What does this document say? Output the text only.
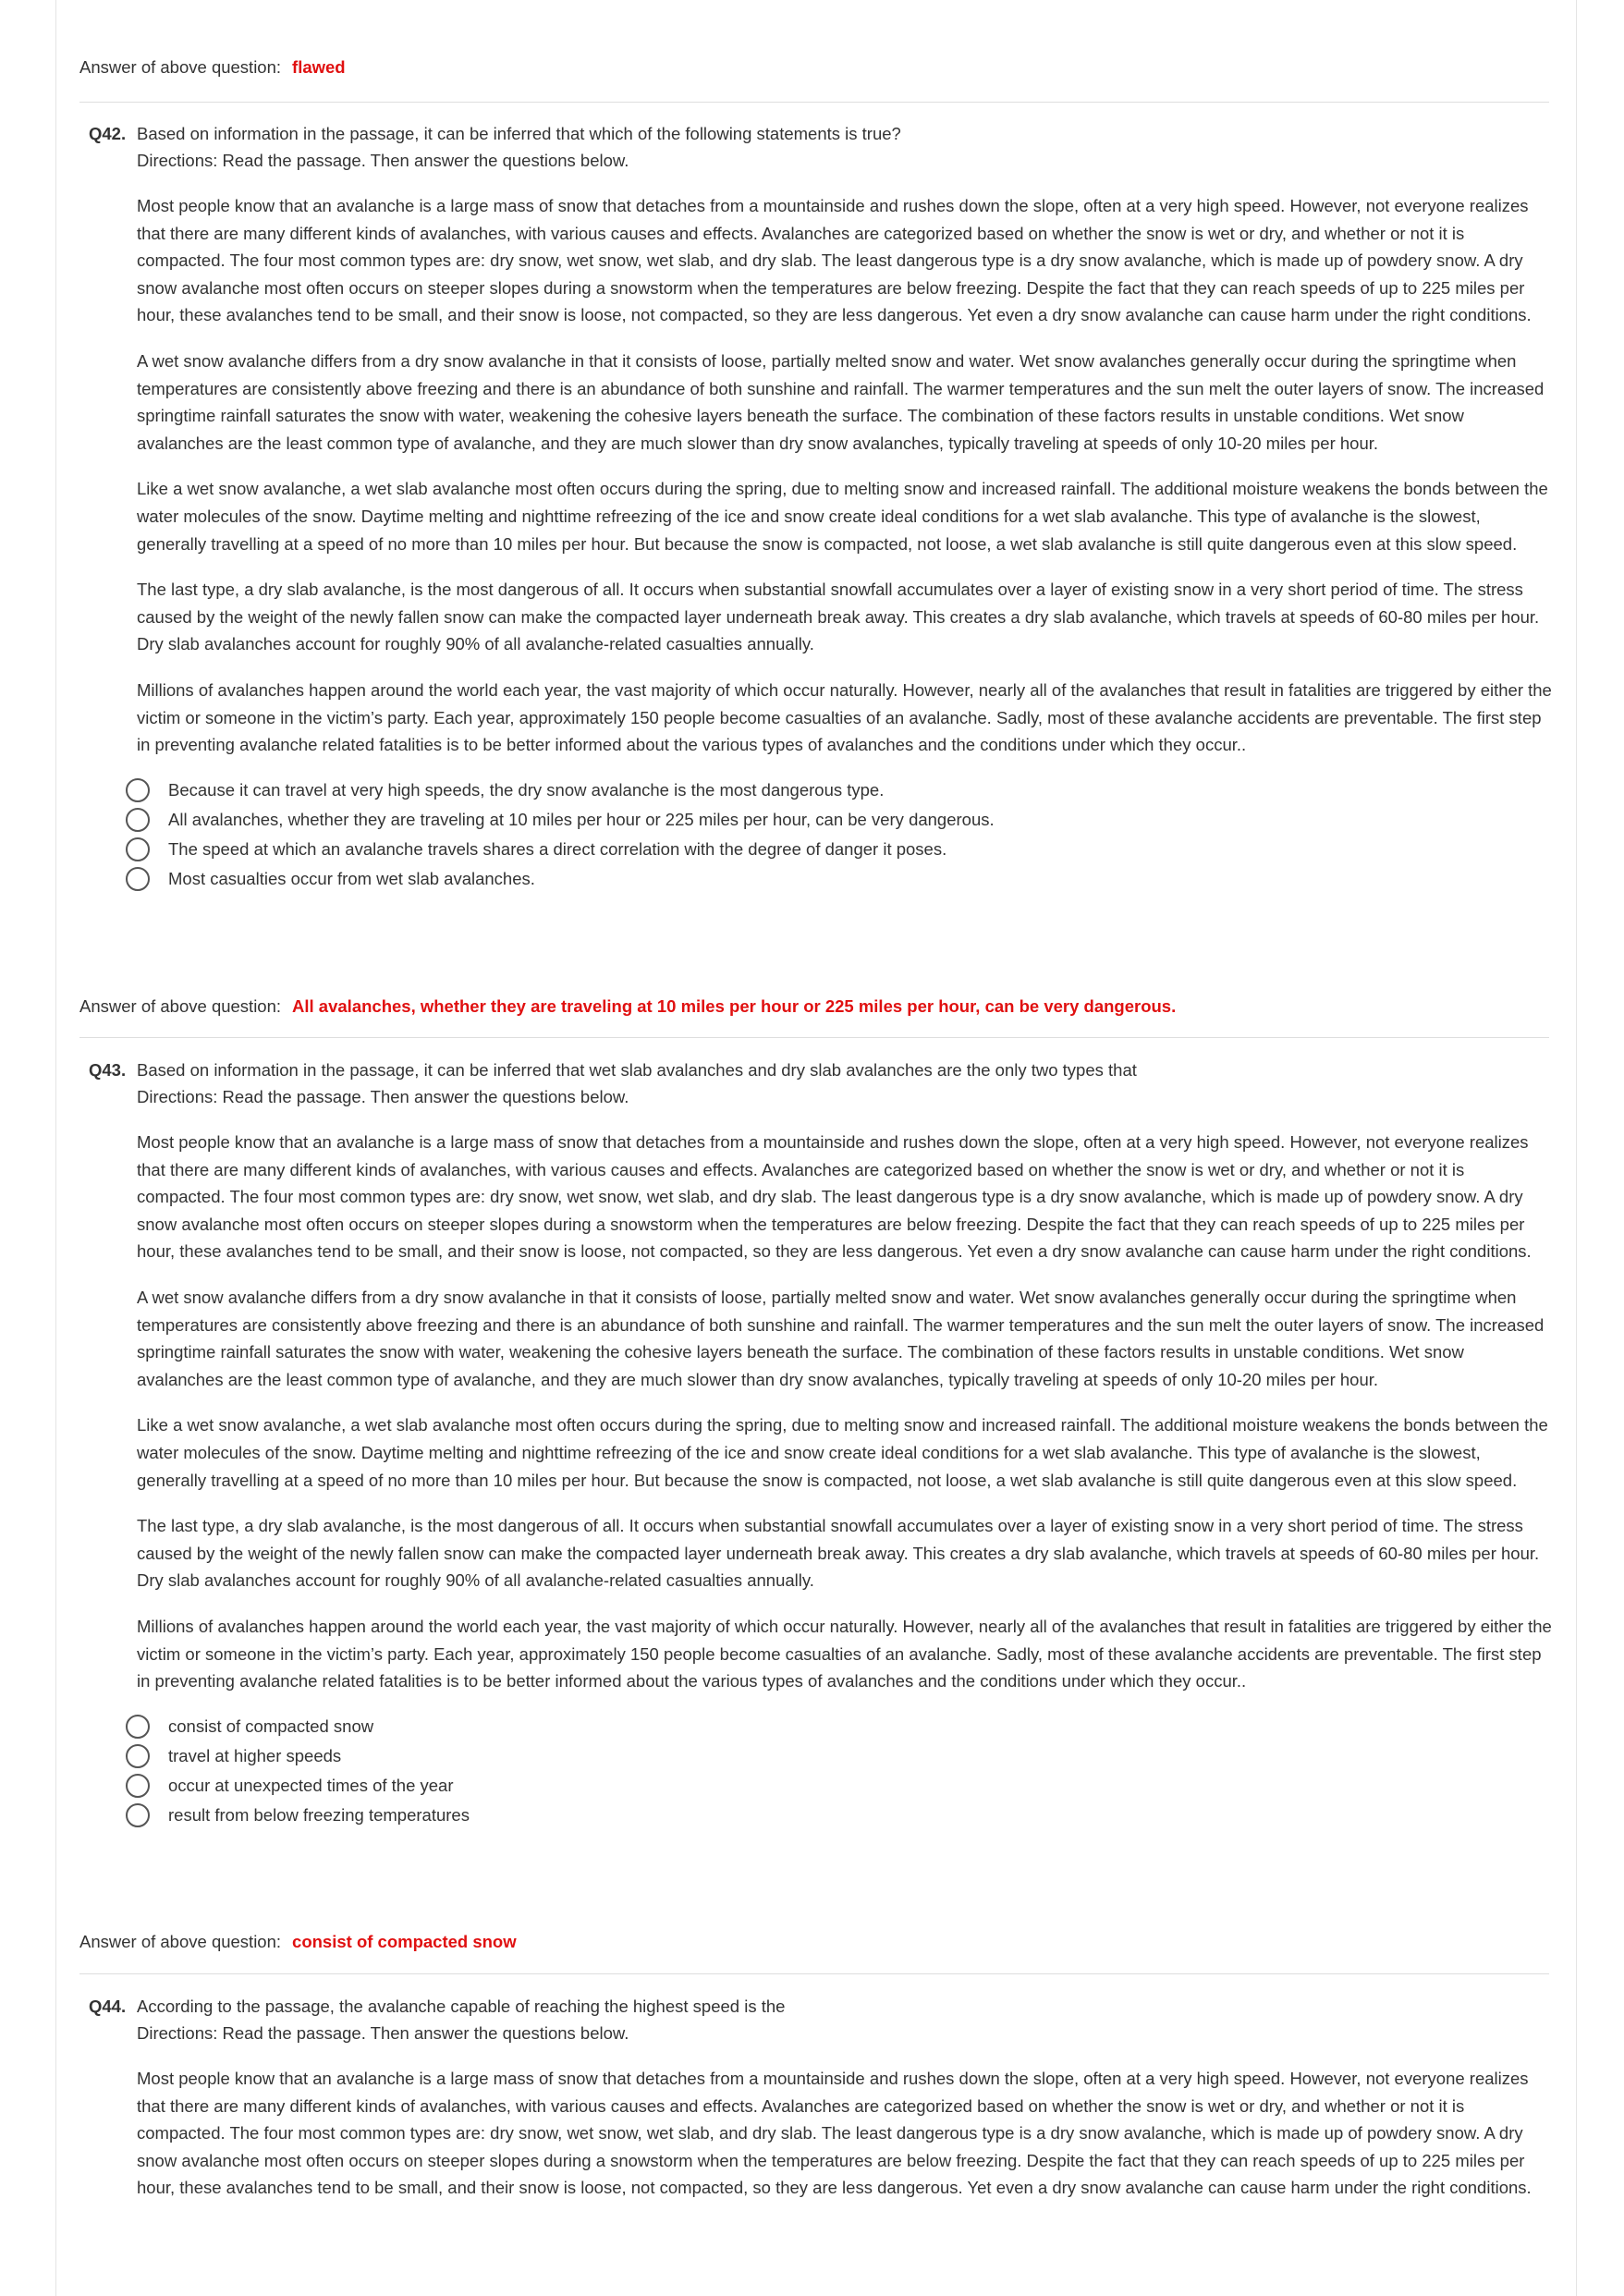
Answer of above question: flawed
Q42. Based on information in the passage, it can be inferred that which of the following statements is true?
Directions: Read the passage. Then answer the questions below.

Most people know that an avalanche is a large mass of snow that detaches from a mountainside and rushes down the slope, often at a very high speed. However, not everyone realizes that there are many different kinds of avalanches, with various causes and effects. Avalanches are categorized based on whether the snow is wet or dry, and whether or not it is compacted. The four most common types are: dry snow, wet snow, wet slab, and dry slab. The least dangerous type is a dry snow avalanche, which is made up of powdery snow. A dry snow avalanche most often occurs on steeper slopes during a snowstorm when the temperatures are below freezing. Despite the fact that they can reach speeds of up to 225 miles per hour, these avalanches tend to be small, and their snow is loose, not compacted, so they are less dangerous. Yet even a dry snow avalanche can cause harm under the right conditions.

A wet snow avalanche differs from a dry snow avalanche in that it consists of loose, partially melted snow and water. Wet snow avalanches generally occur during the springtime when temperatures are consistently above freezing and there is an abundance of both sunshine and rainfall. The warmer temperatures and the sun melt the outer layers of snow. The increased springtime rainfall saturates the snow with water, weakening the cohesive layers beneath the surface. The combination of these factors results in unstable conditions. Wet snow avalanches are the least common type of avalanche, and they are much slower than dry snow avalanches, typically traveling at speeds of only 10-20 miles per hour.

Like a wet snow avalanche, a wet slab avalanche most often occurs during the spring, due to melting snow and increased rainfall. The additional moisture weakens the bonds between the water molecules of the snow. Daytime melting and nighttime refreezing of the ice and snow create ideal conditions for a wet slab avalanche. This type of avalanche is the slowest, generally travelling at a speed of no more than 10 miles per hour. But because the snow is compacted, not loose, a wet slab avalanche is still quite dangerous even at this slow speed.

The last type, a dry slab avalanche, is the most dangerous of all. It occurs when substantial snowfall accumulates over a layer of existing snow in a very short period of time. The stress caused by the weight of the newly fallen snow can make the compacted layer underneath break away. This creates a dry slab avalanche, which travels at speeds of 60-80 miles per hour. Dry slab avalanches account for roughly 90% of all avalanche-related casualties annually.

Millions of avalanches happen around the world each year, the vast majority of which occur naturally. However, nearly all of the avalanches that result in fatalities are triggered by either the victim or someone in the victim’s party. Each year, approximately 150 people become casualties of an avalanche. Sadly, most of these avalanche accidents are preventable. The first step in preventing avalanche related fatalities is to be better informed about the various types of avalanches and the conditions under which they occur..

Because it can travel at very high speeds, the dry snow avalanche is the most dangerous type.
All avalanches, whether they are traveling at 10 miles per hour or 225 miles per hour, can be very dangerous.
The speed at which an avalanche travels shares a direct correlation with the degree of danger it poses.
Most casualties occur from wet slab avalanches.
Answer of above question: All avalanches, whether they are traveling at 10 miles per hour or 225 miles per hour, can be very dangerous.
Q43. Based on information in the passage, it can be inferred that wet slab avalanches and dry slab avalanches are the only two types that
Directions: Read the passage. Then answer the questions below.

Most people know that an avalanche is a large mass of snow that detaches from a mountainside and rushes down the slope, often at a very high speed. However, not everyone realizes that there are many different kinds of avalanches, with various causes and effects. Avalanches are categorized based on whether the snow is wet or dry, and whether or not it is compacted. The four most common types are: dry snow, wet snow, wet slab, and dry slab. The least dangerous type is a dry snow avalanche, which is made up of powdery snow. A dry snow avalanche most often occurs on steeper slopes during a snowstorm when the temperatures are below freezing. Despite the fact that they can reach speeds of up to 225 miles per hour, these avalanches tend to be small, and their snow is loose, not compacted, so they are less dangerous. Yet even a dry snow avalanche can cause harm under the right conditions.

A wet snow avalanche differs from a dry snow avalanche in that it consists of loose, partially melted snow and water. Wet snow avalanches generally occur during the springtime when temperatures are consistently above freezing and there is an abundance of both sunshine and rainfall. The warmer temperatures and the sun melt the outer layers of snow. The increased springtime rainfall saturates the snow with water, weakening the cohesive layers beneath the surface. The combination of these factors results in unstable conditions. Wet snow avalanches are the least common type of avalanche, and they are much slower than dry snow avalanches, typically traveling at speeds of only 10-20 miles per hour.

Like a wet snow avalanche, a wet slab avalanche most often occurs during the spring, due to melting snow and increased rainfall. The additional moisture weakens the bonds between the water molecules of the snow. Daytime melting and nighttime refreezing of the ice and snow create ideal conditions for a wet slab avalanche. This type of avalanche is the slowest, generally travelling at a speed of no more than 10 miles per hour. But because the snow is compacted, not loose, a wet slab avalanche is still quite dangerous even at this slow speed.

The last type, a dry slab avalanche, is the most dangerous of all. It occurs when substantial snowfall accumulates over a layer of existing snow in a very short period of time. The stress caused by the weight of the newly fallen snow can make the compacted layer underneath break away. This creates a dry slab avalanche, which travels at speeds of 60-80 miles per hour. Dry slab avalanches account for roughly 90% of all avalanche-related casualties annually.

Millions of avalanches happen around the world each year, the vast majority of which occur naturally. However, nearly all of the avalanches that result in fatalities are triggered by either the victim or someone in the victim’s party. Each year, approximately 150 people become casualties of an avalanche. Sadly, most of these avalanche accidents are preventable. The first step in preventing avalanche related fatalities is to be better informed about the various types of avalanches and the conditions under which they occur..

consist of compacted snow
travel at higher speeds
occur at unexpected times of the year
result from below freezing temperatures
Answer of above question: consist of compacted snow
Q44. According to the passage, the avalanche capable of reaching the highest speed is the
Directions: Read the passage. Then answer the questions below.

Most people know that an avalanche is a large mass of snow that detaches from a mountainside and rushes down the slope, often at a very high speed. However, not everyone realizes that there are many different kinds of avalanches, with various causes and effects. Avalanches are categorized based on whether the snow is wet or dry, and whether or not it is compacted. The four most common types are: dry snow, wet snow, wet slab, and dry slab. The least dangerous type is a dry snow avalanche, which is made up of powdery snow. A dry snow avalanche most often occurs on steeper slopes during a snowstorm when the temperatures are below freezing. Despite the fact that they can reach speeds of up to 225 miles per hour, these avalanches tend to be small, and their snow is loose, not compacted, so they are less dangerous. Yet even a dry snow avalanche can cause harm under the right conditions.
